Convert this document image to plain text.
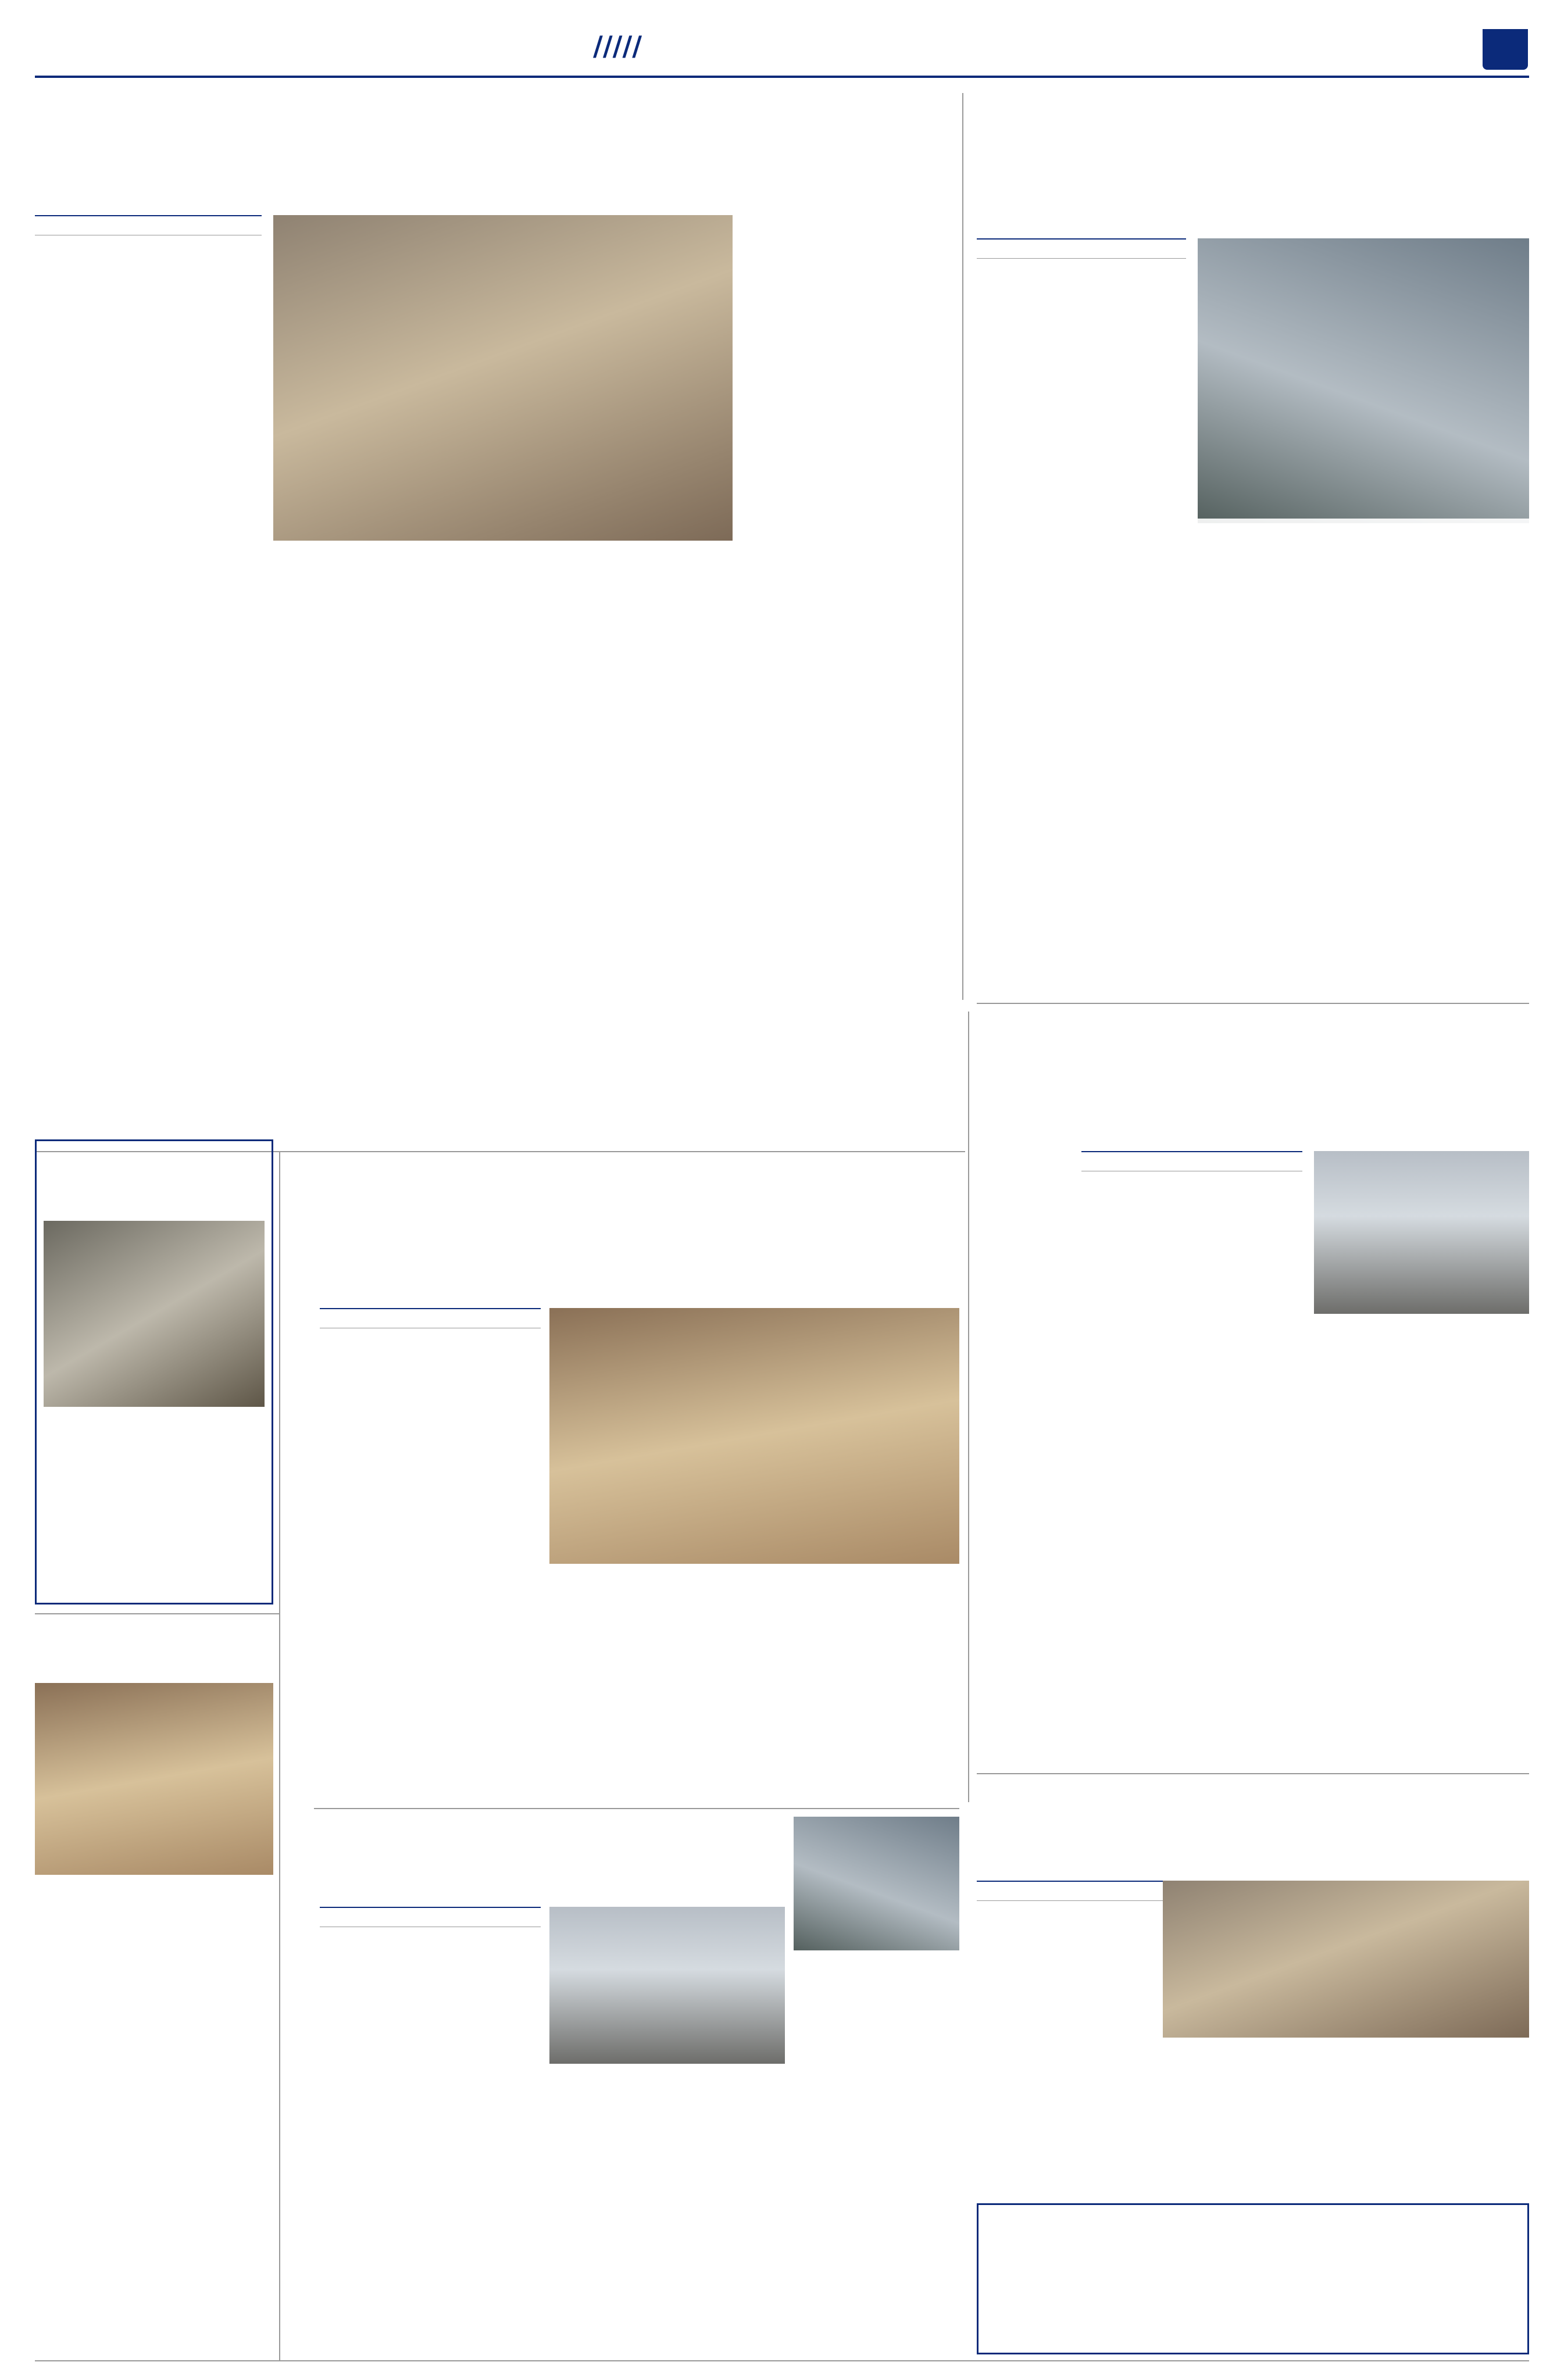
/////
